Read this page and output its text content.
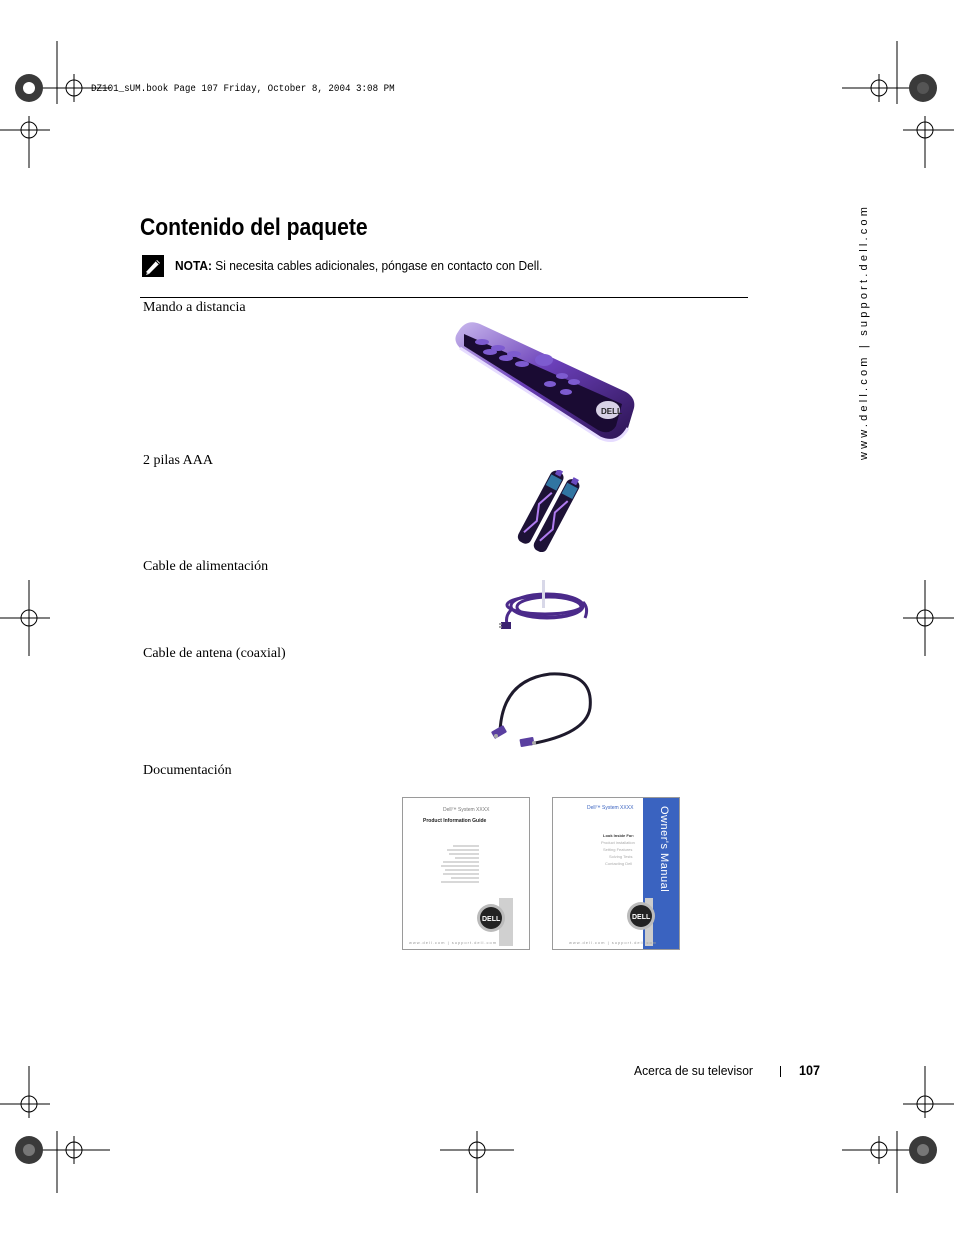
DZ101_sUM.book Page 107 Friday, October 8, 2004 3:08 PM
www.dell.com | support.dell.com
Contenido del paquete
NOTA: Si necesita cables adicionales, póngase en contacto con Dell.
Mando a distancia
2 pilas AAA
Cable de alimentación
Cable de antena (coaxial)
Documentación
DELL
Dell™ System XXXX
Product Information Guide
DELL
www.dell.com | support.dell.com
Owner's Manual
Dell™ System XXXX
Look Inside For:
Product installation
Setting Features
Solving Tests
Contacting Dell
DELL
www.dell.com | support.dell.com
Acerca de su televisor	107
